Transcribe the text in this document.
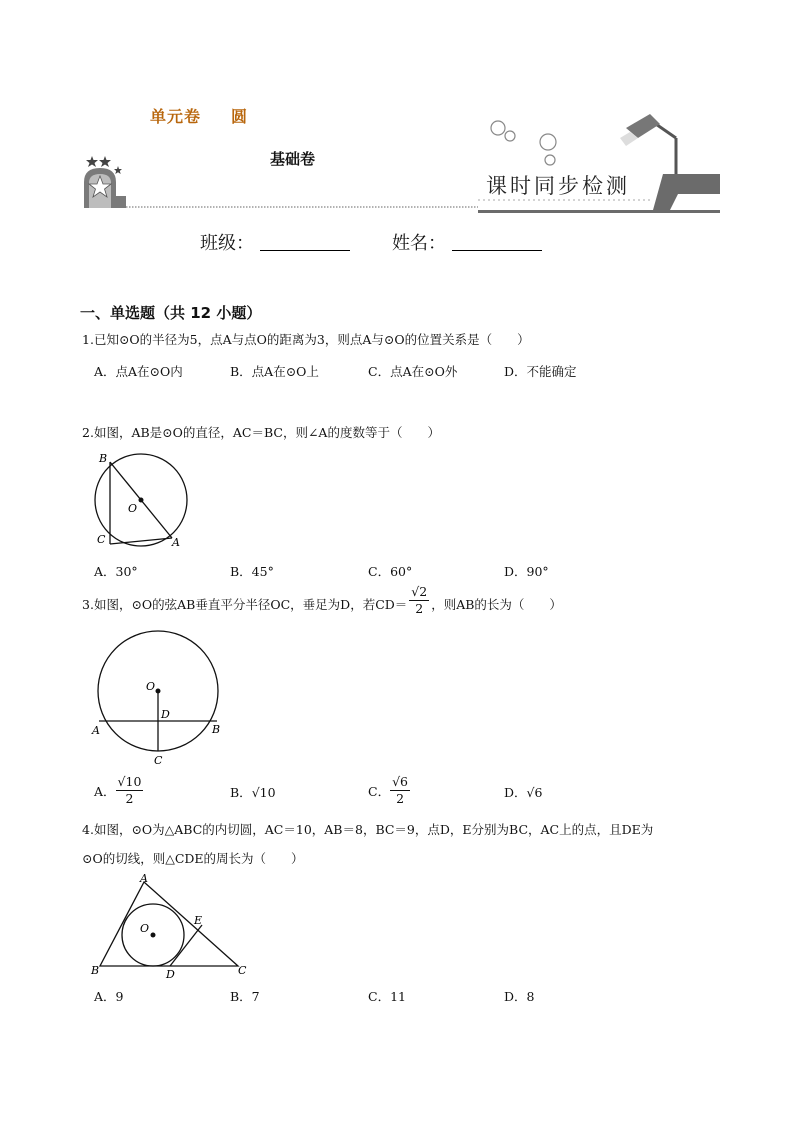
单元卷 圆
基础卷
课时同步检测
班级：	姓名：
一、单选题（共 12 小题）
1.已知⊙O的半径为5，点A与点O的距离为3，则点A与⊙O的位置关系是（　　）
A．点A在⊙O内	B．点A在⊙O上	C．点A在⊙O外	D．不能确定
2.如图，AB是⊙O的直径，AC＝BC，则∠A的度数等于（　　）
B
O
C	A
A．30°	B．45°	C．60°	D．90°
3.如图，⊙O的弦AB垂直平分半径OC，垂足为D，若$CD= \frac{√2}{2}$ ，则AB的长为（　　）
O
D
A	B
C
A． $\frac{√10}{2}$	B．√10	C． $\frac{√6}{2}$	D．√6
4.如图，⊙O为△ABC的内切圆，AC＝10，AB＝8，BC＝9，点D，E分别为BC，AC上的点，且DE为
⊙O的切线，则△CDE的周长为（　　）
A
O
E
B	D	C
A．9	B．7	C．11	D．8
